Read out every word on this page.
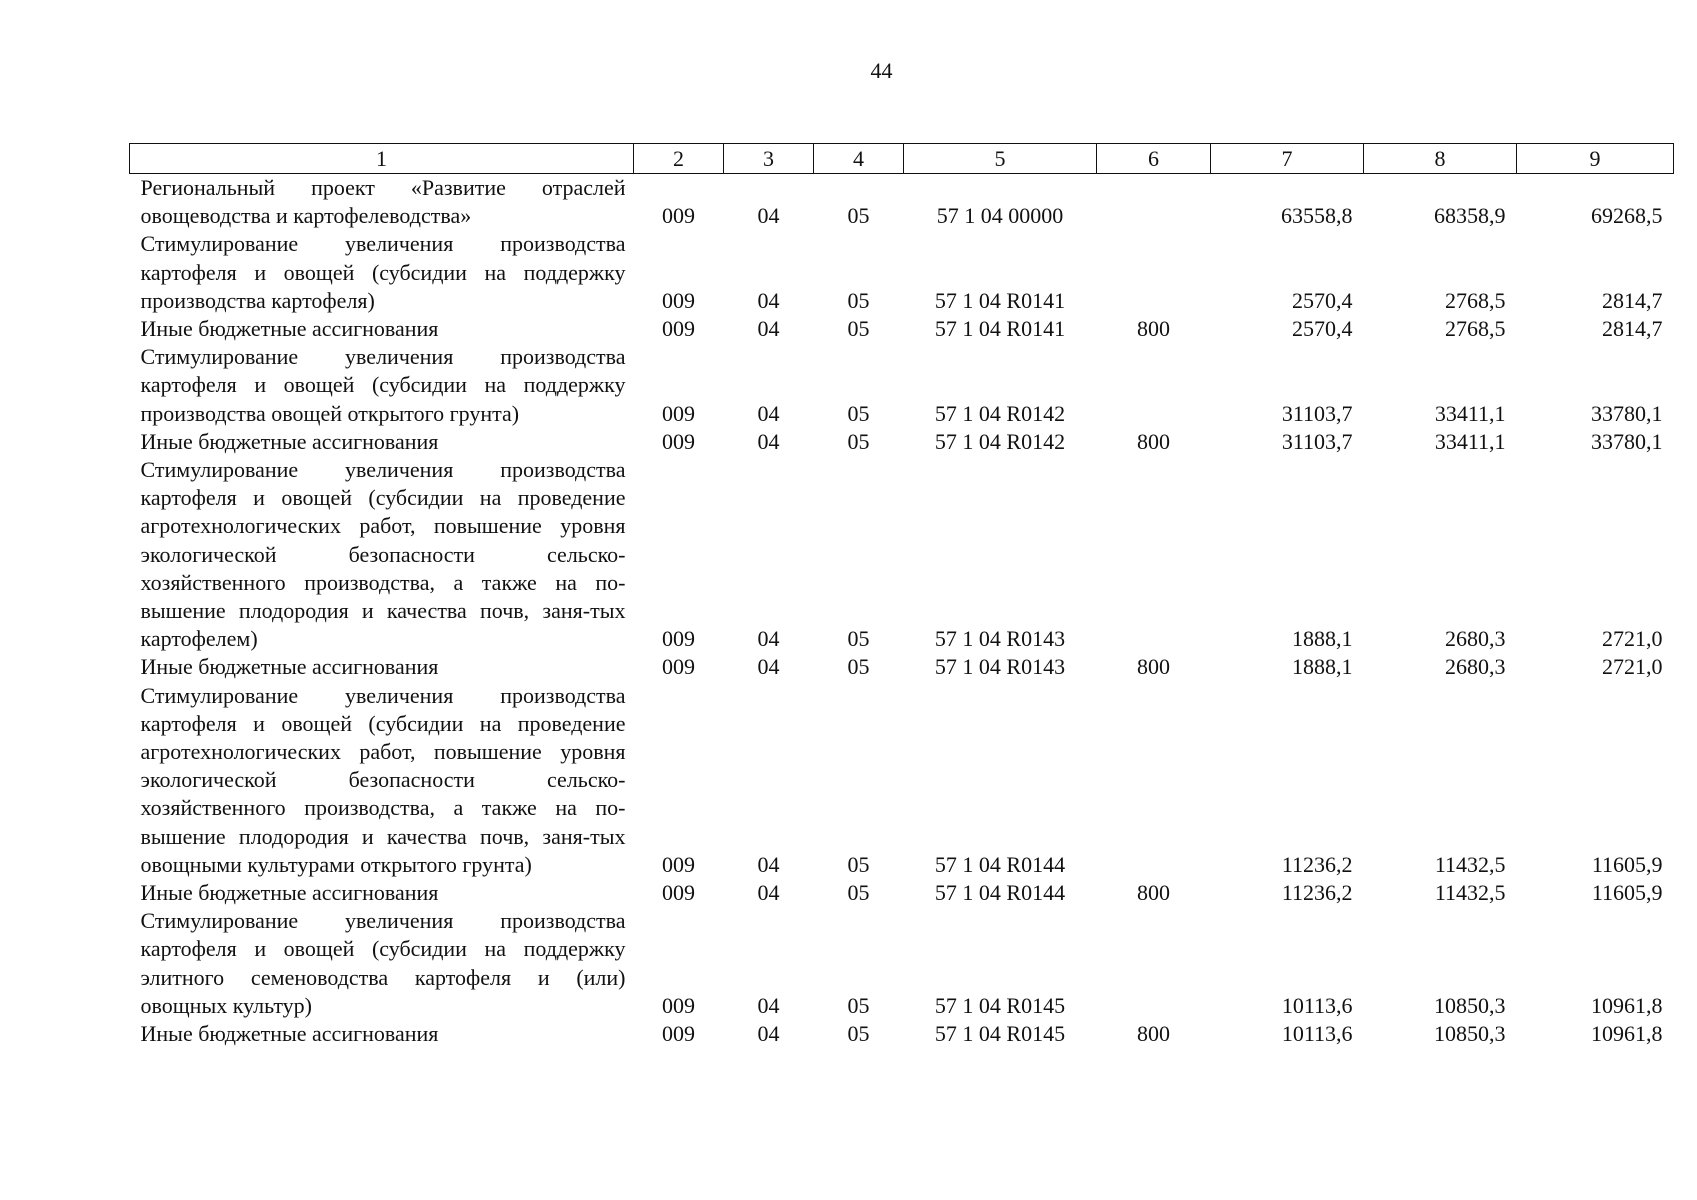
44
1	2	3	4	5	6	7	8	9
Региональный проект «Развитие отраслей овощеводства и картофелеводства»	009	04	05	57 1 04 00000		63558,8	68358,9	69268,5
Стимулирование увеличения производства картофеля и овощей (субсидии на поддержку производства картофеля)	009	04	05	57 1 04 R0141		2570,4	2768,5	2814,7
Иные бюджетные ассигнования	009	04	05	57 1 04 R0141	800	2570,4	2768,5	2814,7
Стимулирование увеличения производства картофеля и овощей (субсидии на поддержку производства овощей открытого грунта)	009	04	05	57 1 04 R0142		31103,7	33411,1	33780,1
Иные бюджетные ассигнования	009	04	05	57 1 04 R0142	800	31103,7	33411,1	33780,1
Стимулирование увеличения производства картофеля и овощей (субсидии на проведение агротехнологических работ, повышение уровня экологической безопасности сельско-хозяйственного производства, а также на по-вышение плодородия и качества почв, заня-тых картофелем)	009	04	05	57 1 04 R0143		1888,1	2680,3	2721,0
Иные бюджетные ассигнования	009	04	05	57 1 04 R0143	800	1888,1	2680,3	2721,0
Стимулирование увеличения производства картофеля и овощей (субсидии на проведение агротехнологических работ, повышение уровня экологической безопасности сельско-хозяйственного производства, а также на по-вышение плодородия и качества почв, заня-тых овощными культурами открытого грунта)	009	04	05	57 1 04 R0144		11236,2	11432,5	11605,9
Иные бюджетные ассигнования	009	04	05	57 1 04 R0144	800	11236,2	11432,5	11605,9
Стимулирование увеличения производства картофеля и овощей (субсидии на поддержку элитного семеноводства картофеля и (или) овощных культур)	009	04	05	57 1 04 R0145		10113,6	10850,3	10961,8
Иные бюджетные ассигнования	009	04	05	57 1 04 R0145	800	10113,6	10850,3	10961,8
